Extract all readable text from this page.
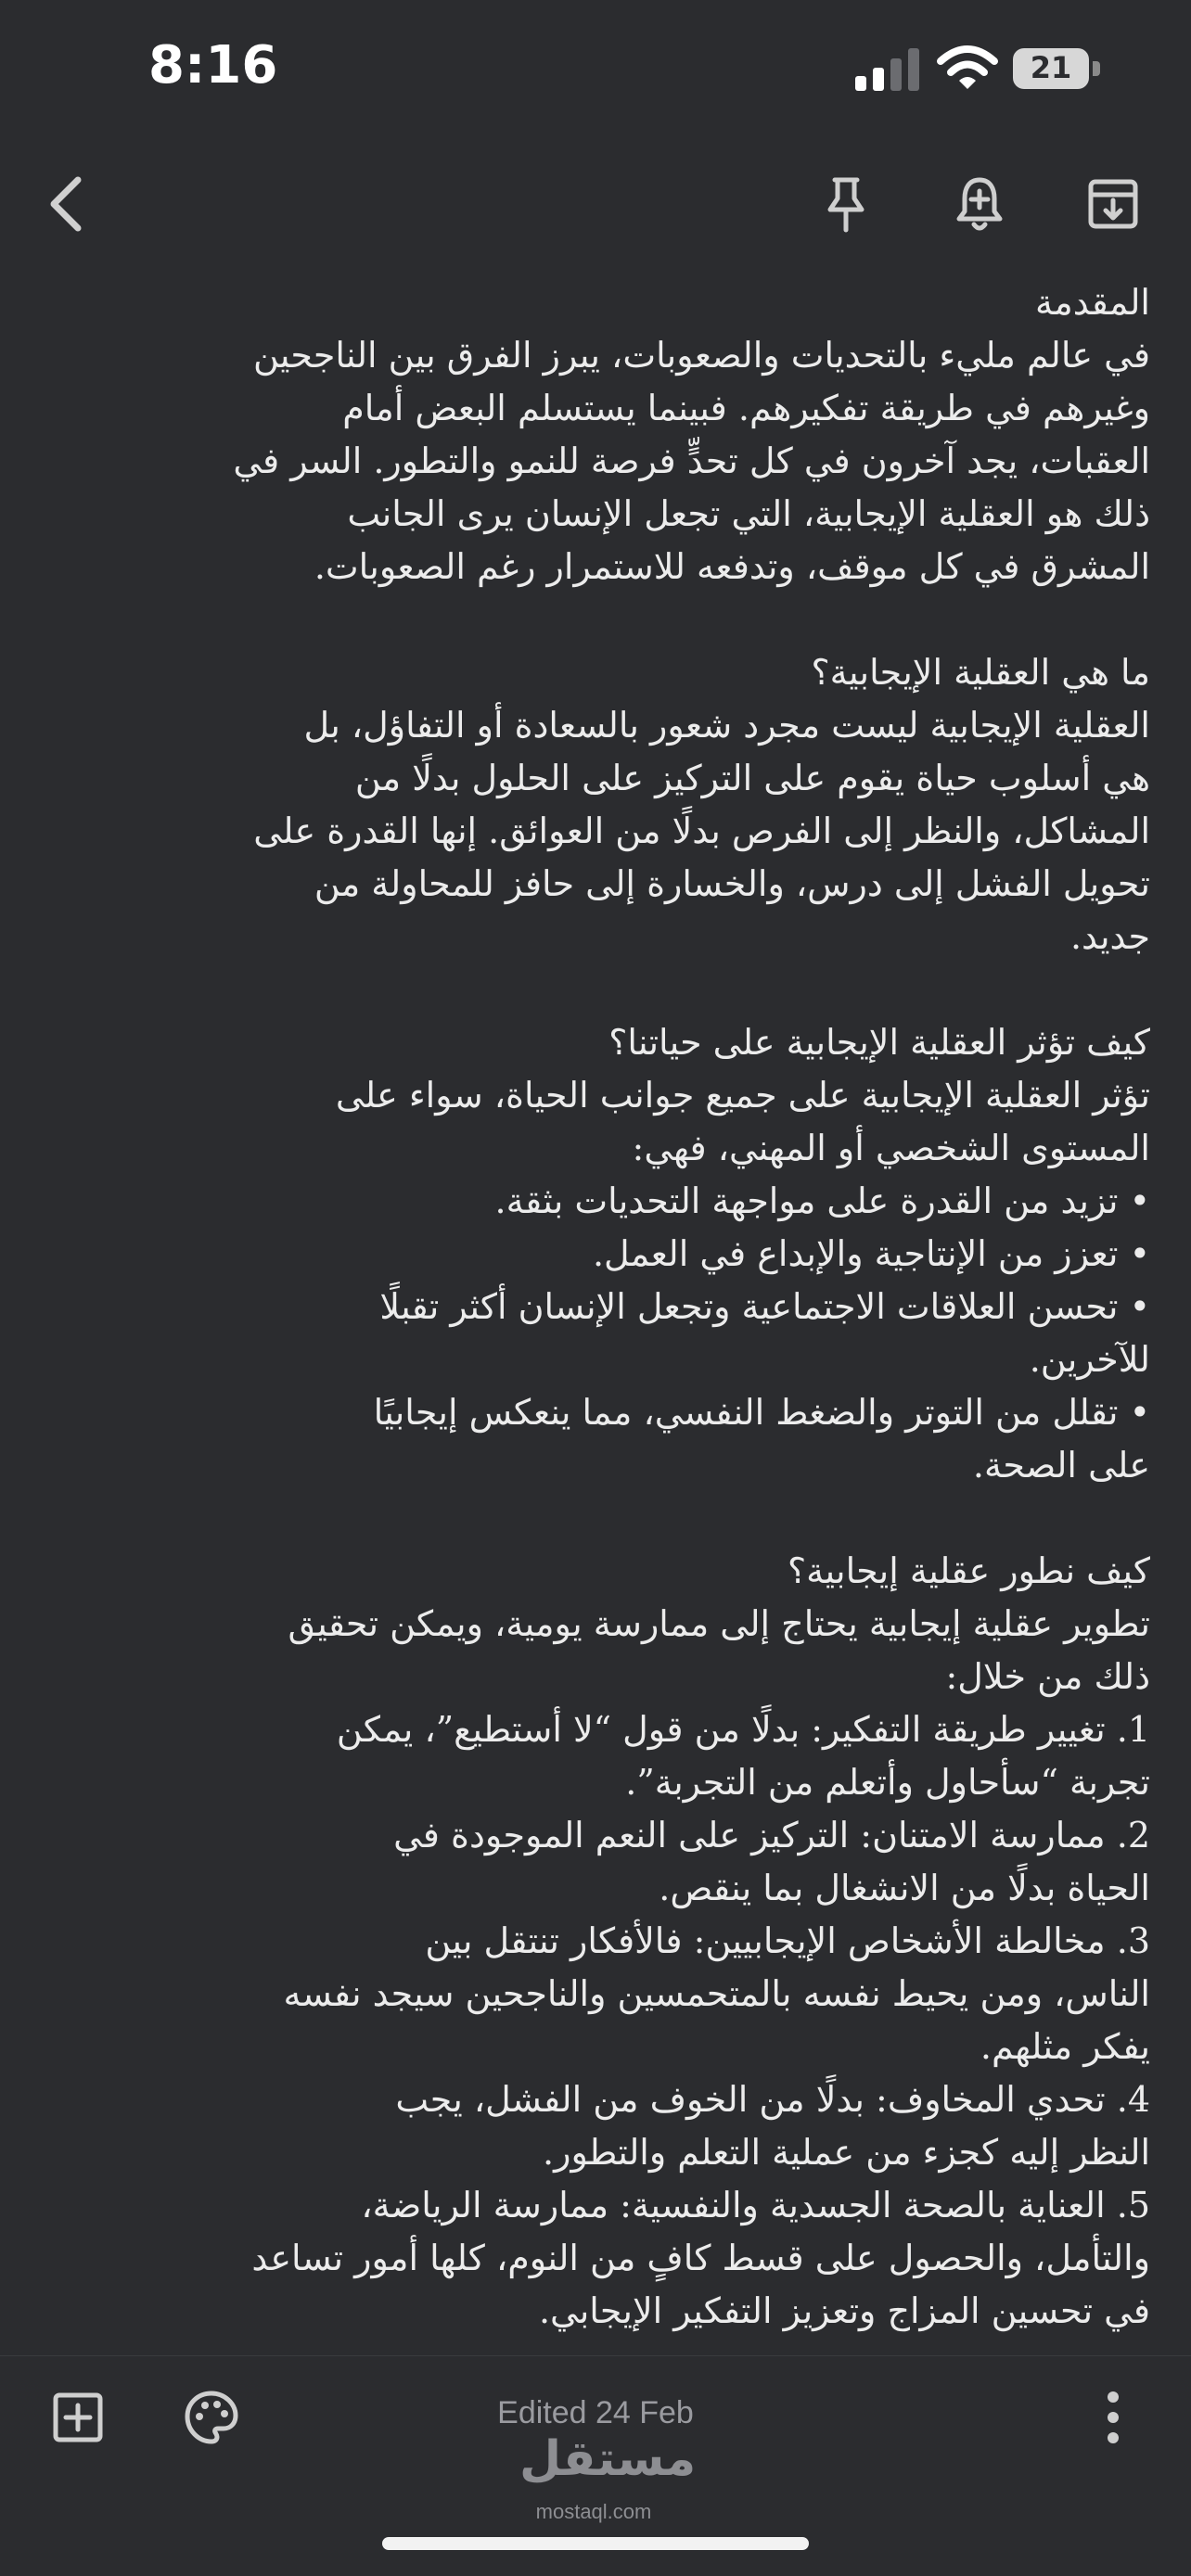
8:16	21
المقدمة
في عالم مليء بالتحديات والصعوبات، يبرز الفرق بين الناجحين
وغيرهم في طريقة تفكيرهم. فبينما يستسلم البعض أمام
العقبات، يجد آخرون في كل تحدٍّ فرصة للنمو والتطور. السر في
ذلك هو العقلية الإيجابية، التي تجعل الإنسان يرى الجانب
المشرق في كل موقف، وتدفعه للاستمرار رغم الصعوبات.
ما هي العقلية الإيجابية؟
العقلية الإيجابية ليست مجرد شعور بالسعادة أو التفاؤل، بل
هي أسلوب حياة يقوم على التركيز على الحلول بدلًا من
المشاكل، والنظر إلى الفرص بدلًا من العوائق. إنها القدرة على
تحويل الفشل إلى درس، والخسارة إلى حافز للمحاولة من
جديد.
كيف تؤثر العقلية الإيجابية على حياتنا؟
تؤثر العقلية الإيجابية على جميع جوانب الحياة، سواء على
المستوى الشخصي أو المهني، فهي:
• تزيد من القدرة على مواجهة التحديات بثقة.
• تعزز من الإنتاجية والإبداع في العمل.
• تحسن العلاقات الاجتماعية وتجعل الإنسان أكثر تقبلًا
للآخرين.
• تقلل من التوتر والضغط النفسي، مما ينعكس إيجابيًا
على الصحة.
كيف نطور عقلية إيجابية؟
تطوير عقلية إيجابية يحتاج إلى ممارسة يومية، ويمكن تحقيق
ذلك من خلال:
1. تغيير طريقة التفكير: بدلًا من قول “لا أستطيع”، يمكن
تجربة “سأحاول وأتعلم من التجربة”.
2. ممارسة الامتنان: التركيز على النعم الموجودة في
الحياة بدلًا من الانشغال بما ينقص.
3. مخالطة الأشخاص الإيجابيين: فالأفكار تنتقل بين
الناس، ومن يحيط نفسه بالمتحمسين والناجحين سيجد نفسه
يفكر مثلهم.
4. تحدي المخاوف: بدلًا من الخوف من الفشل، يجب
النظر إليه كجزء من عملية التعلم والتطور.
5. العناية بالصحة الجسدية والنفسية: ممارسة الرياضة،
والتأمل، والحصول على قسط كافٍ من النوم، كلها أمور تساعد
في تحسين المزاج وتعزيز التفكير الإيجابي.
Edited 24 Feb
مستقل
mostaql.com
